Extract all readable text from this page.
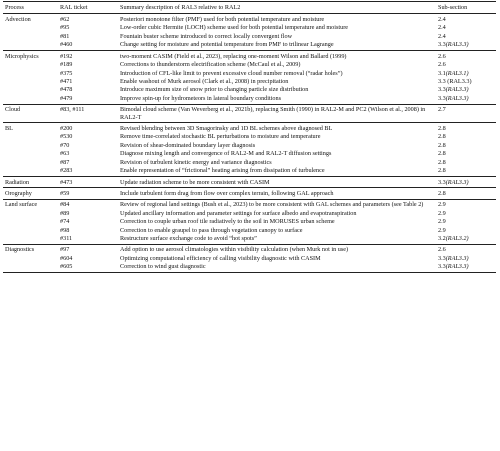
Process	RAL ticket	Summary description of RAL3 relative to RAL2	Sub-section
Advection	#62	Posteriori monotone filter (PMF) used for both potential temperature and moisture	2.4
	#95	Low-order cubic Hermite (LOCH) scheme used for both potential temperature and moisture	2.4
	#81	Fountain buster scheme introduced to correct locally convergent flow	2.4
	#460	Change setting for moisture and potential temperature from PMF to trilinear Lagrange	3.3(RAL3.3)
Microphysics	#192	two-moment CASIM (Field et al., 2023), replacing one-moment Wilson and Ballard (1999)	2.6
	#189	Corrections to thunderstorm electrification scheme (McCaul et al., 2009)	2.6
	#375	Introduction of CFL-like limit to prevent excessive cloud number removal (“radar holes”)	3.1(RAL3.1)
	#471	Enable washout of Murk aerosol (Clark et al., 2008) in precipitation	3.3 (RAL3.3)
	#478	Introduce maximum size of snow prior to changing particle size distribution	3.3(RAL3.3)
	#479	Improve spin-up for hydrometeors in lateral boundary conditions	3.3(RAL3.3)
Cloud	#83, #111	Bimodal cloud scheme (Van Weverberg et al., 2021b), replacing Smith (1990) in RAL2-M and PC2 (Wilson et al., 2008) in RAL2-T	2.7
BL	#200	Revised blending between 3D Smagorinsky and 1D BL schemes above diagnosed BL	2.8
	#530	Remove time-correlated stochastic BL perturbations to moisture and temperature	2.8
	#70	Revision of shear-dominated boundary layer diagnosis	2.8
	#63	Diagnose mixing length and convergence of RAL2-M and RAL2-T diffusion settings	2.8
	#87	Revision of turbulent kinetic energy and variance diagnostics	2.8
	#283	Enable representation of “frictional” heating arising from dissipation of turbulence	2.8
Radiation	#473	Update radiation scheme to be more consistent with CASIM	3.3(RAL3.3)
Orography	#59	Include turbulent form drag from flow over complex terrain, following GAL approach	2.8
Land surface	#84	Review of regional land settings (Bush et al., 2023) to be more consistent with GAL schemes and parameters (see Table 2)	2.9
	#89	Updated ancillary information and parameter settings for surface albedo and evapotranspiration	2.9
	#74	Correction to couple urban roof tile radiatively to the soil in MORUSES urban scheme	2.9
	#98	Correction to enable graupel to pass through vegetation canopy to surface	2.9
	#311	Restructure surface exchange code to avoid “hot spots”	3.2(RAL3.2)
Diagnostics	#97	Add option to use aerosol climatologies within visibility calculation (when Murk not in use)	2.6
	#604	Optimizing computational efficiency of calling visibility diagnostic with CASIM	3.3(RAL3.3)
	#605	Correction to wind gust diagnostic	3.3(RAL3.3)
